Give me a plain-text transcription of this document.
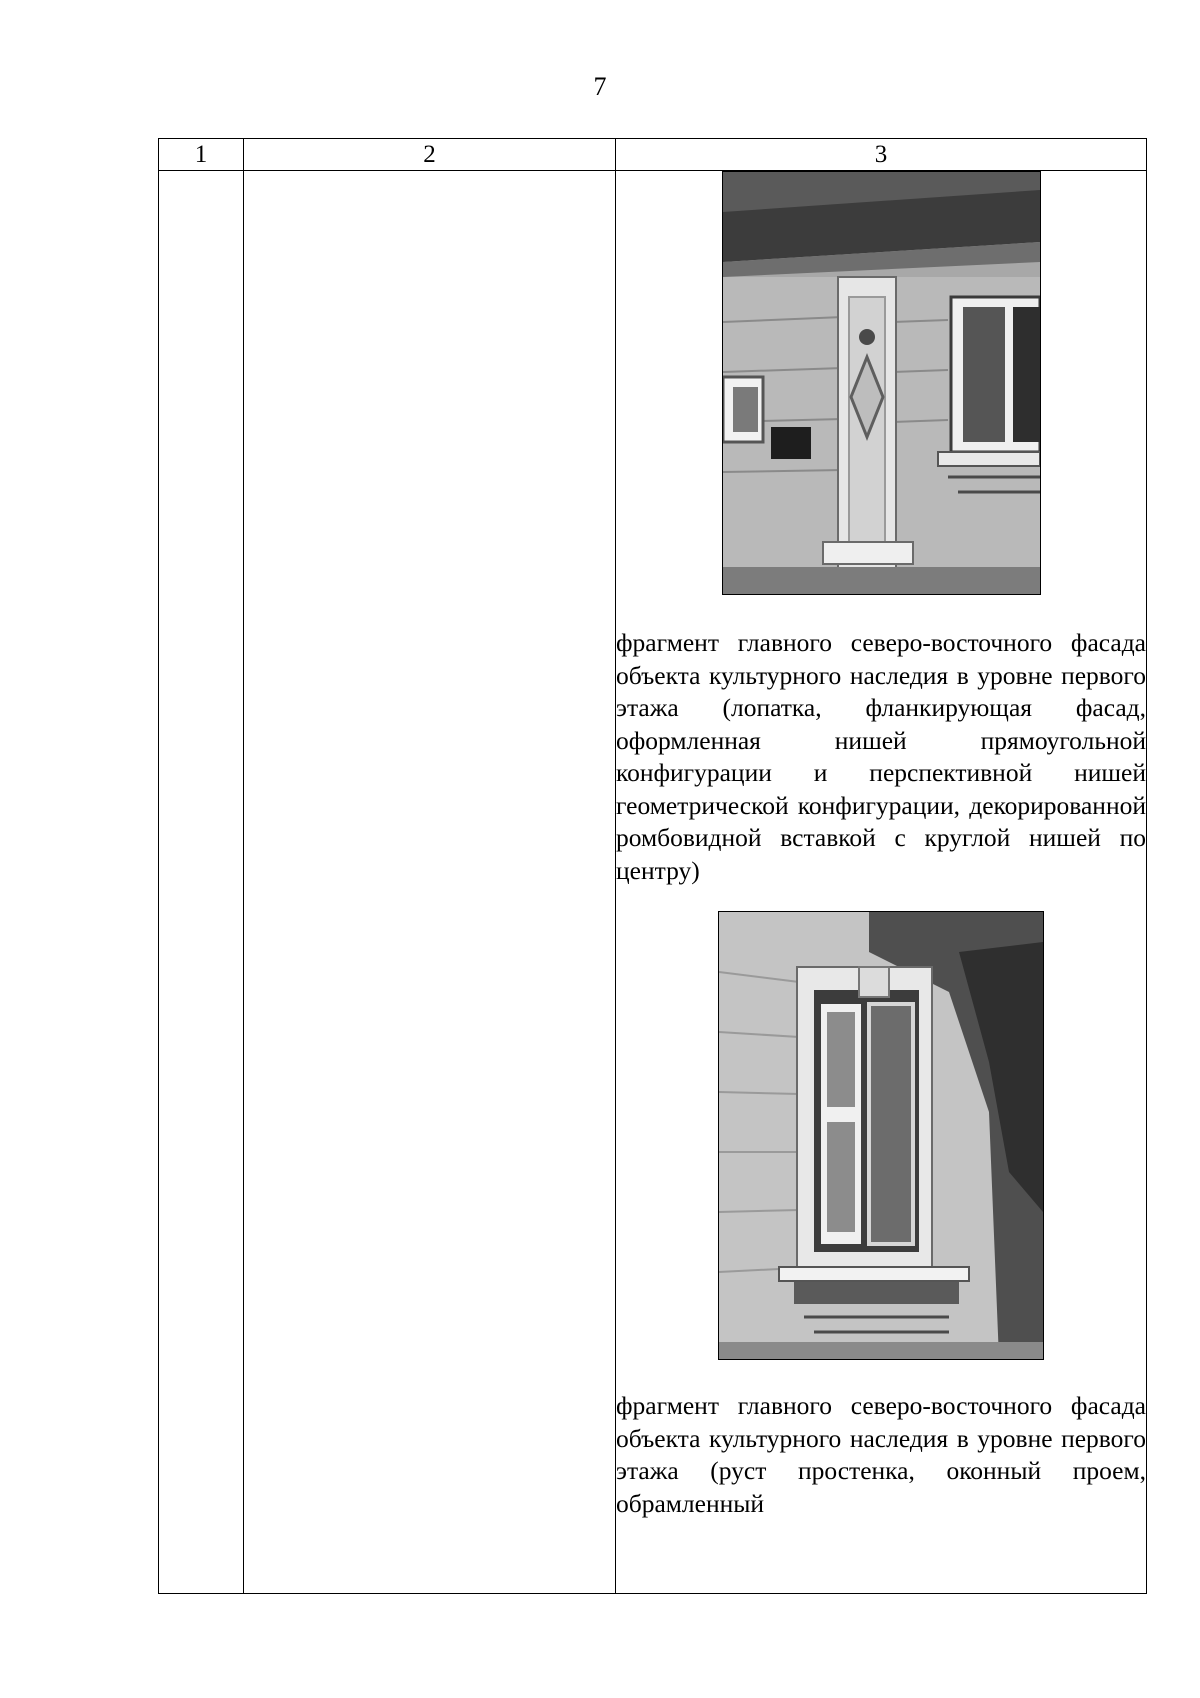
7
1	2	3

		фрагмент главного северо-восточного фасада объекта культурного наследия в уровне первого этажа (лопатка, фланкирующая фасад, оформленная нишей прямоугольной конфигурации и перспективной нишей геометрической конфигурации, декорированной ромбовидной вставкой с круглой нишей по центру)

фрагмент главного северо-восточного фасада объекта культурного наследия в уровне первого этажа (руст простенка, оконный проем, обрамленный
